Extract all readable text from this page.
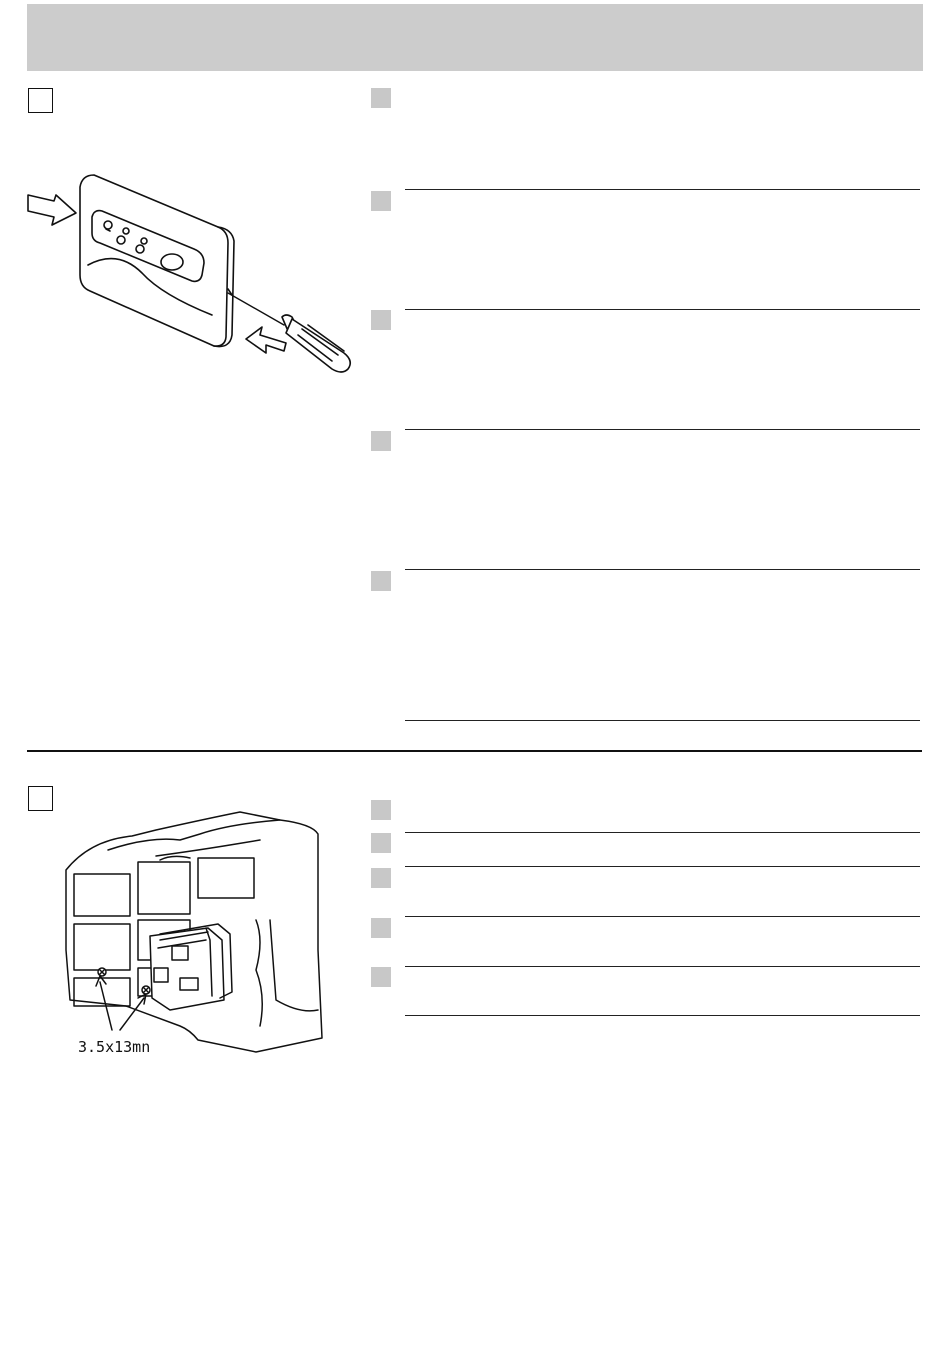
3.5x13mn
